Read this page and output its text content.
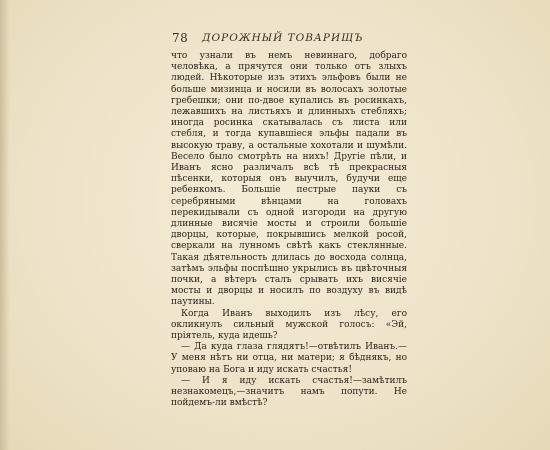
78 ДОРОЖНЫЙ ТОВАРИЩЪ

что узнали въ немъ невиннаго, добраго человѣка, а прячутся они только отъ злыхъ людей. Нѣкоторые изъ этихъ эльфовъ были не больше мизинца и носили въ волосахъ золотые гребешки; они по-двое купались въ росинкахъ, лежавшихъ на листьяхъ и длинныхъ стебляхъ; иногда росинка скатывалась съ листа или стебля, и тогда купавшіеся эльфы падали въ высокую траву, а остальные хохотали и шумѣли. Весело было смотрѣть на нихъ! Другіе пѣли, и Иванъ ясно различалъ всѣ тѣ прекрасныя пѣсенки, которыя онъ выучилъ, будучи еще ребенкомъ. Большіе пестрые пауки съ серебряными вѣнцами на головахъ перекидывали съ одной изгороди на другую длинные висячіе мосты и строили большіе дворцы, которые, покрывшись мелкой росой, сверкали на лунномъ свѣтѣ какъ стеклянные. Такая дѣятельность длилась до восхода солнца, затѣмъ эльфы поспѣшно укрылись въ цвѣточныя почки, а вѣтеръ сталъ срывать ихъ висячіе мосты и дворцы и носилъ по воздуху въ видѣ паутины.

Когда Иванъ выходилъ изъ лѣсу, его окликнулъ сильный мужской голосъ: «Эй, пріятель, куда идешь?

— Да куда глаза глядятъ!—отвѣтилъ Иванъ.—У меня нѣтъ ни отца, ни матери; я бѣднякъ, но уповаю на Бога и иду искать счастья!

— И я иду искать счастья!—замѣтилъ незнакомецъ,—значитъ намъ попути. Не пойдемъ-ли вмѣстѣ?
